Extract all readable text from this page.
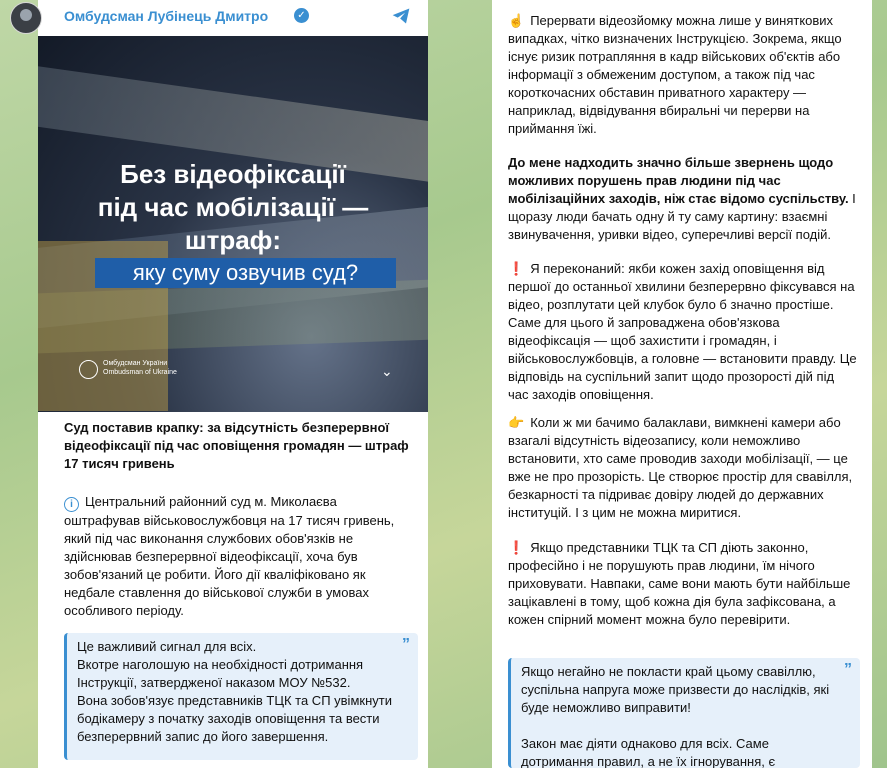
Омбудсман Лубінець Дмитро	✓
Без відеофіксації
під час мобілізації —
штраф:
яку суму озвучив суд?
Омбудсман України
Ombudsman of Ukraine	⌄
Суд поставив крапку: за відсутність безперервної відеофіксації під час оповіщення громадян — штраф 17 тисяч гривень
i Центральний районний суд м. Миколаєва оштрафував військовослужбовця на 17 тисяч гривень, який під час виконання службових обов'язків не здійснював безперервної відеофіксації, хоча був зобов'язаний це робити. Його дії кваліфіковано як недбале ставлення до військової служби в умовах особливого періоду.
Це важливий сигнал для всіх.
Вкотре наголошую на необхідності дотримання Інструкції, затвердженої наказом МОУ №532.
Вона зобов'язує представників ТЦК та СП увімкнути бодікамеру з початку заходів оповіщення та вести безперервний запис до його завершення.
”
☝️ Перервати відеозйомку можна лише у виняткових випадках, чітко визначених Інструкцією. Зокрема, якщо існує ризик потрапляння в кадр військових об'єктів або інформації з обмеженим доступом, а також під час короткочасних обставин приватного характеру — наприклад, відвідування вбиральні чи перерви на приймання їжі.
До мене надходить значно більше звернень щодо можливих порушень прав людини під час мобілізаційних заходів, ніж стає відомо суспільству. І щоразу люди бачать одну й ту саму картину: взаємні звинувачення, уривки відео, суперечливі версії подій.
❗ Я переконаний: якби кожен захід оповіщення від першої до останньої хвилини безперервно фіксувався на відео, розплутати цей клубок було б значно простіше. Саме для цього й запроваджена обов'язкова відеофіксація — щоб захистити і громадян, і військовослужбовців, а головне — встановити правду. Це відповідь на суспільний запит щодо прозорості дій під час заходів оповіщення.
👉 Коли ж ми бачимо балаклави, вимкнені камери або взагалі відсутність відеозапису, коли неможливо встановити, хто саме проводив заходи мобілізації, — це вже не про прозорість. Це створює простір для свавілля, безкарності та підриває довіру людей до державних інституцій. І з цим не можна миритися.
❗ Якщо представники ТЦК та СП діють законно, професійно і не порушують прав людини, їм нічого приховувати. Навпаки, саме вони мають бути найбільше зацікавлені в тому, щоб кожна дія була зафіксована, а кожен спірний момент можна було перевірити.
Якщо негайно не покласти край цьому свавіллю, суспільна напруга може призвести до наслідків, які буде неможливо виправити!
Закон має діяти однаково для всіх. Саме дотримання правил, а не їх ігнорування, є
”
